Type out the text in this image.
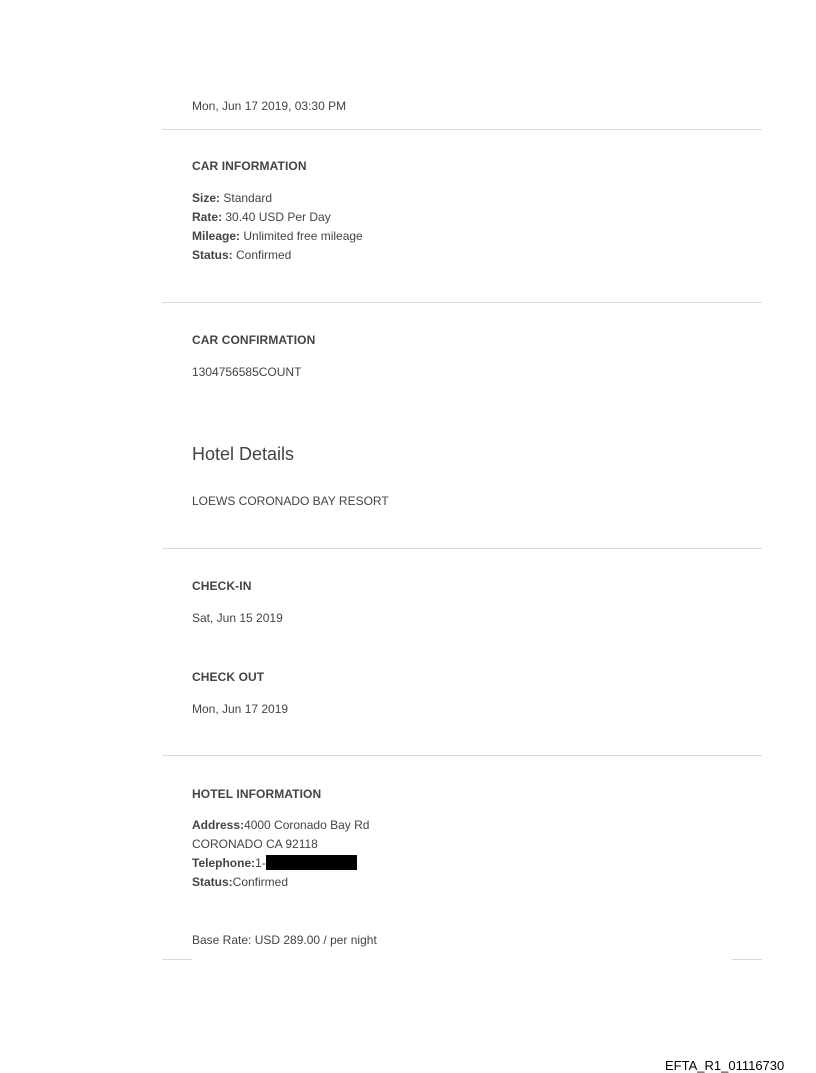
Mon, Jun 17 2019, 03:30 PM
CAR INFORMATION
Size: Standard
Rate: 30.40 USD Per Day
Mileage: Unlimited free mileage
Status: Confirmed
CAR CONFIRMATION
1304756585COUNT
Hotel Details
LOEWS CORONADO BAY RESORT
CHECK-IN
Sat, Jun 15 2019
CHECK OUT
Mon, Jun 17 2019
HOTEL INFORMATION
Address:4000 Coronado Bay Rd
CORONADO CA 92118
Telephone:1-
Status:Confirmed
Base Rate: USD 289.00 / per night
EFTA_R1_01116730
